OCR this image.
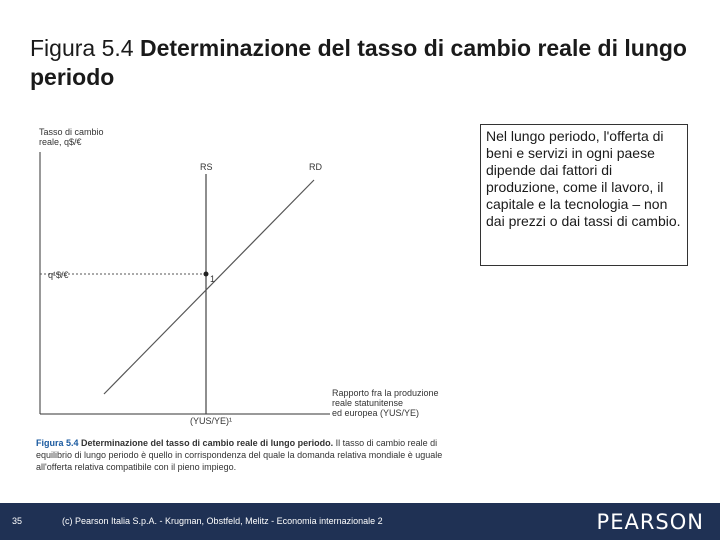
Figura 5.4 Determinazione del tasso di cambio reale di lungo periodo
Tasso di cambio
reale, q$/€
RS	RD
1
q¹$/€
(YUS/YE)¹
Rapporto fra la produzione
reale statunitense
ed europea (YUS/YE)
Figura 5.4 Determinazione del tasso di cambio reale di lungo periodo. Il tasso di cambio reale di equilibrio di lungo periodo è quello in corrispondenza del quale la domanda relativa mondiale è uguale all'offerta relativa compatibile con il pieno impiego.
Nel lungo periodo, l'offerta di beni e servizi in ogni paese dipende dai fattori di produzione, come il lavoro, il capitale e la tecnologia – non dai prezzi o dai tassi di cambio.
35	(c) Pearson Italia S.p.A. - Krugman, Obstfeld, Melitz - Economia internazionale 2	PEARSON
